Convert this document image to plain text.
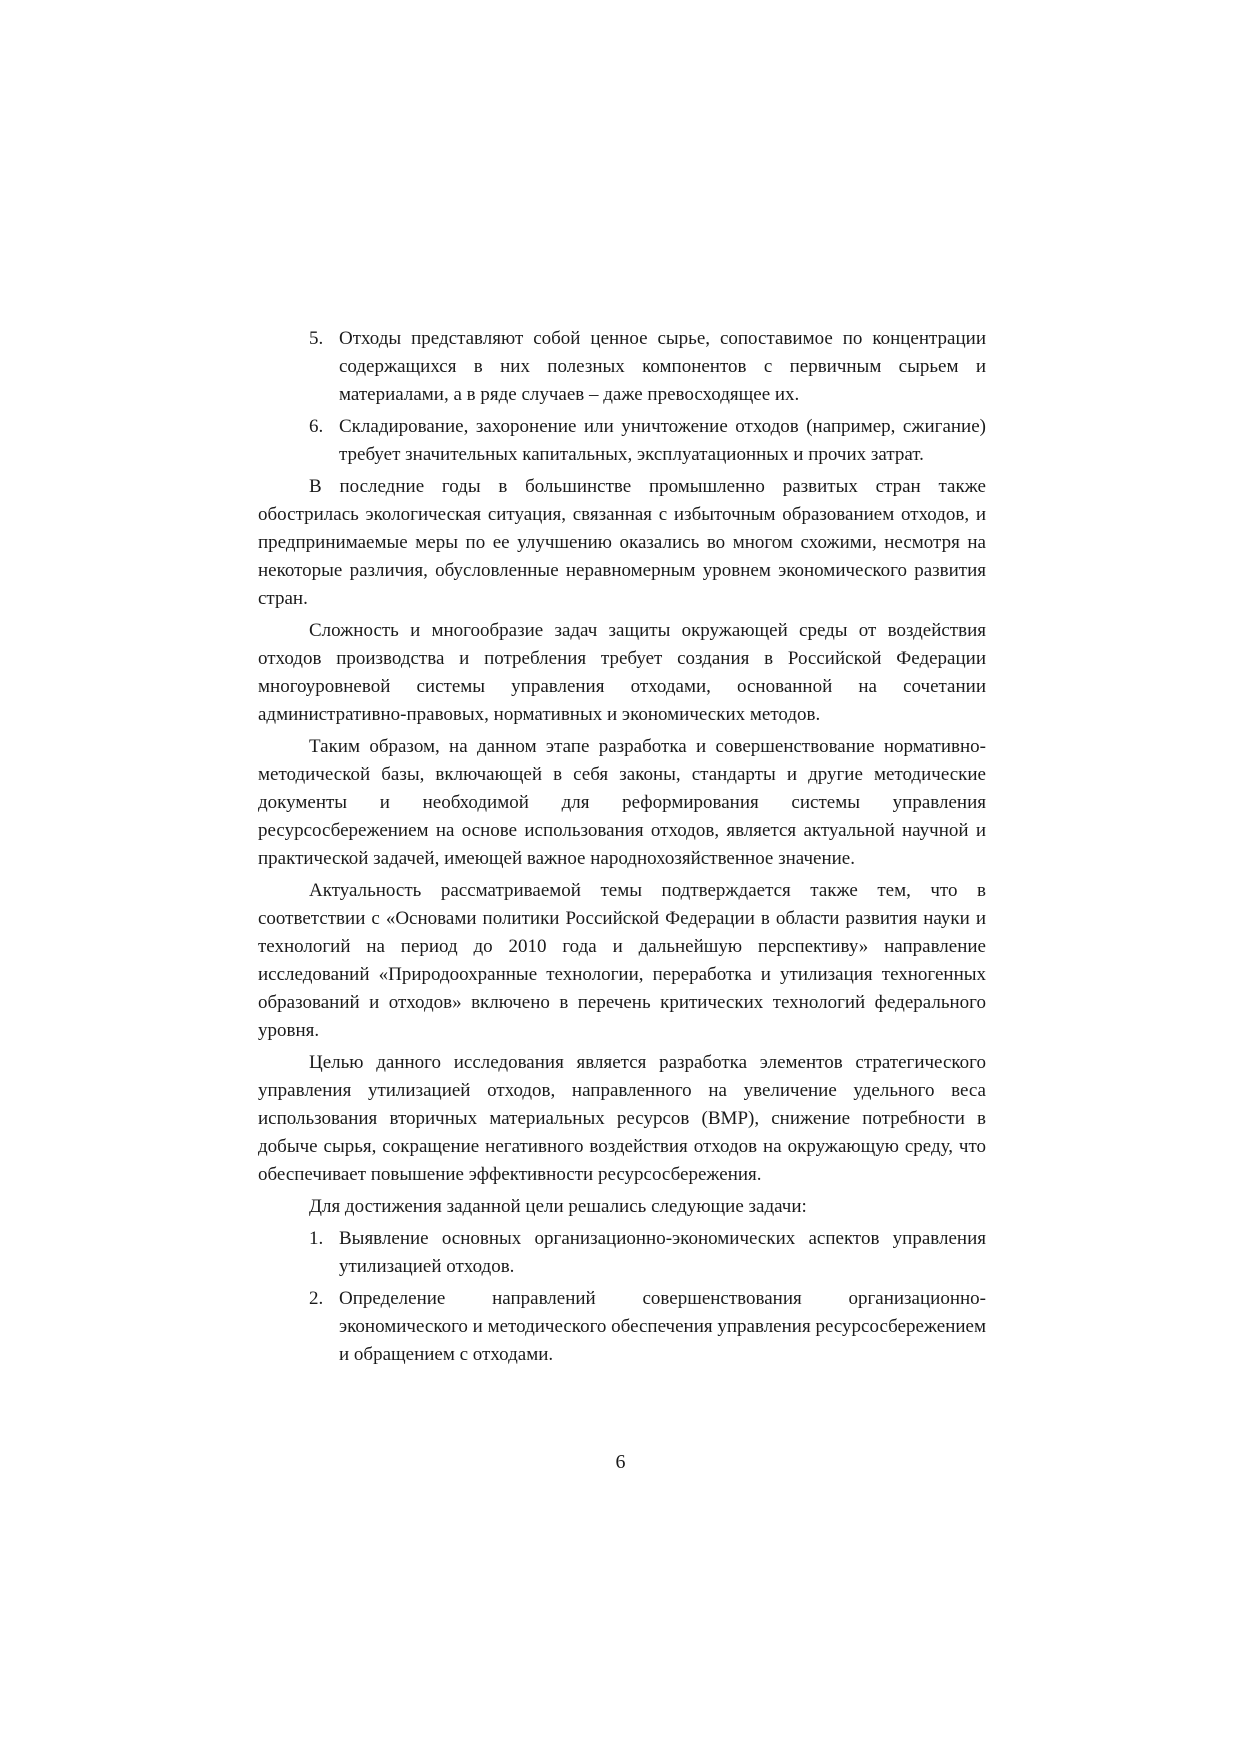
5. Отходы представляют собой ценное сырье, сопоставимое по концентрации содержащихся в них полезных компонентов с первичным сырьем и материалами, а в ряде случаев – даже превосходящее их.
6. Складирование, захоронение или уничтожение отходов (например, сжигание) требует значительных капитальных, эксплуатационных и прочих затрат.

В последние годы в большинстве промышленно развитых стран также обострилась экологическая ситуация, связанная с избыточным образованием отходов, и предпринимаемые меры по ее улучшению оказались во многом схожими, несмотря на некоторые различия, обусловленные неравномерным уровнем экономического развития стран.

Сложность и многообразие задач защиты окружающей среды от воздействия отходов производства и потребления требует создания в Российской Федерации многоуровневой системы управления отходами, основанной на сочетании административно-правовых, нормативных и экономических методов.

Таким образом, на данном этапе разработка и совершенствование нормативно-методической базы, включающей в себя законы, стандарты и другие методические документы и необходимой для реформирования системы управления ресурсосбережением на основе использования отходов, является актуальной научной и практической задачей, имеющей важное народнохозяйственное значение.

Актуальность рассматриваемой темы подтверждается также тем, что в соответствии с «Основами политики Российской Федерации в области развития науки и технологий на период до 2010 года и дальнейшую перспективу» направление исследований «Природоохранные технологии, переработка и утилизация техногенных образований и отходов» включено в перечень критических технологий федерального уровня.

Целью данного исследования является разработка элементов стратегического управления утилизацией отходов, направленного на увеличение удельного веса использования вторичных материальных ресурсов (ВМР), снижение потребности в добыче сырья, сокращение негативного воздействия отходов на окружающую среду, что обеспечивает повышение эффективности ресурсосбережения.

Для достижения заданной цели решались следующие задачи:

1. Выявление основных организационно-экономических аспектов управления утилизацией отходов.
2. Определение направлений совершенствования организационно-экономического и методического обеспечения управления ресурсосбережением и обращением с отходами.
6
